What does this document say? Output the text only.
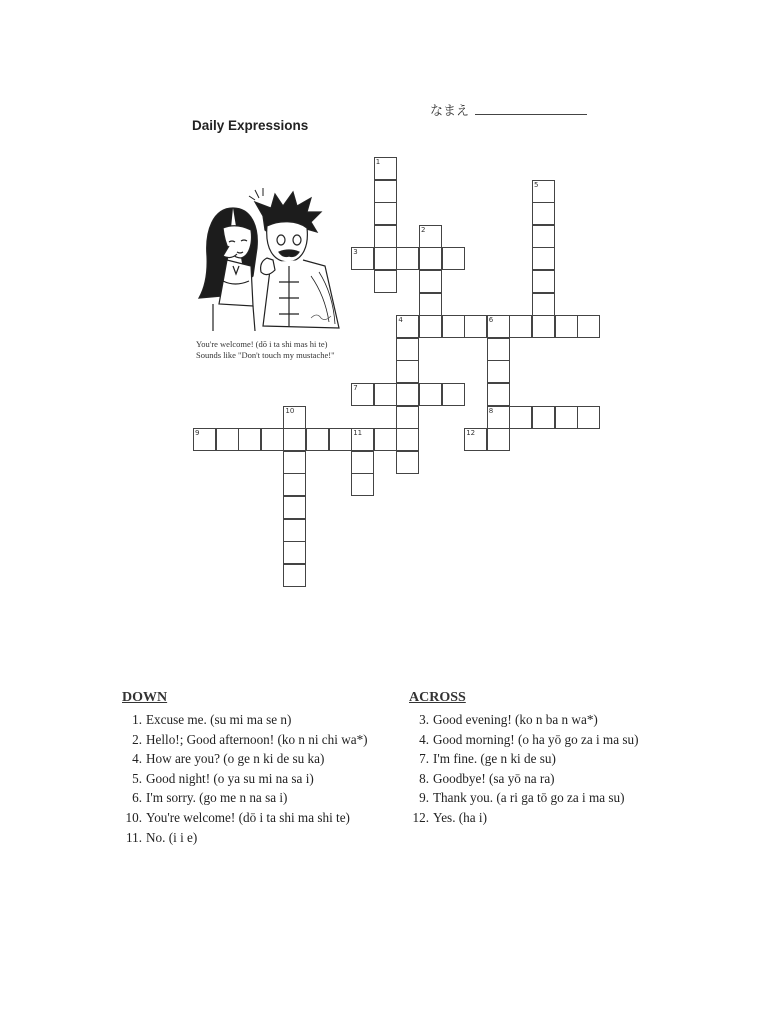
なまえ
Daily Expressions
You're welcome! (dō i ta shi mas hi te)
Sounds like "Don't touch my mustache!"
1
2
3
4
5
6
7
8
9
10
11	12
DOWN
1. Excuse me. (su mi ma se n)
2. Hello!; Good afternoon! (ko n ni chi wa*)
4. How are you? (o ge n ki de su ka)
5. Good night! (o ya su mi na sa i)
6. I'm sorry. (go me n na sa i)
10. You're welcome! (dō i ta shi ma shi te)
11. No. (i i e)
ACROSS
3. Good evening! (ko n ba n wa*)
4. Good morning! (o ha yō go za i ma su)
7. I'm fine. (ge n ki de su)
8. Goodbye! (sa yō na ra)
9. Thank you. (a ri ga tō go za i ma su)
12. Yes. (ha i)
